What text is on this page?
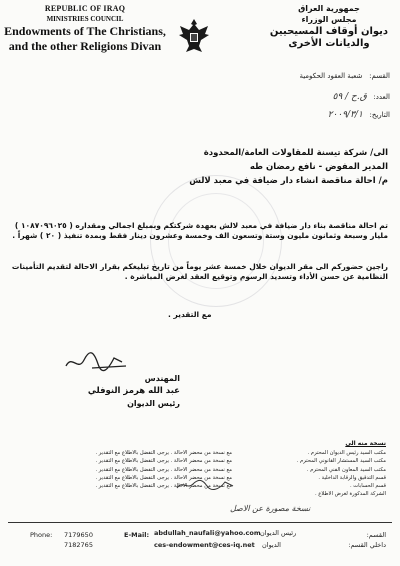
REPUBLIC OF IRAQ
MINISTRIES COUNCIL
Endowments of The Christians,
and the other Religions Divan
جمهورية العراق
مجلس الوزراء
ديوان أوقاف المسيحيين
والديانات الأخرى
القسم:   شعبة العقود الحكومية
العدد:   ق.ح / ٥٩
التاريخ:   ٢٠٠٩/٣/١
الى/ شركة تيسنة للمقاولات العامة/المحدودة
المدير المفوض - نافع رمضان طه
م/ احالة مناقصة انشاء دار ضيافة في معبد لالش
تم احالة مناقصة بناء دار ضيافة في معبد لالش بعهدة شركتكم وبمبلغ اجمالي ومقداره ( ١٠٨٧٠٩٦٠٢٥ ) مليار وسبعة وثمانون مليون وستة وتسعون الف وخمسة وعشرون دينار فقط وبمدة تنفيذ ( ٢٠ ) شهراً .
راجين حضوركم الى مقر الديوان خلال خمسة عشر يوماً من تاريخ تبليغكم بقرار الاحالة لتقديم التأمينات النظامية عن حسن الأداء وتسديد الرسوم وتوقيع العقد لغرض المباشرة .
مع التقدير .
المهندس
عبد الله هرمز النوفلي
رئيس الديوان
نسخة منه الى
مكتب السيد رئيس الديوان المحترم .
مكتب السيد المستشار القانوني المحترم .
مكتب السيد المعاون الفني المحترم .
قسم التدقيق والرقابة الداخلية .
قسم الحسابات .
الشركة المذكورة لغرض الاطلاع .
مع نسخة من محضر الاحالة . يرجى التفضل بالاطلاع مع التقدير .
مع نسخة من محضر الاحالة . يرجى التفضل بالاطلاع مع التقدير .
مع نسخة من محضر الاحالة . يرجى التفضل بالاطلاع مع التقدير .
مع نسخة من محضر الاحالة . يرجى التفضل بالاطلاع مع التقدير .
مع نسخة من محضر الاحالة . يرجى التفضل بالاطلاع مع التقدير .
نسخة مصورة عن الاصل
Phone: 7179650
7182765
E-Mail: abdullah_naufali@yahoo.com رئيس الديوان
ces-endowment@ces-iq.net الديوان
القسم:
داخلي القسم:
